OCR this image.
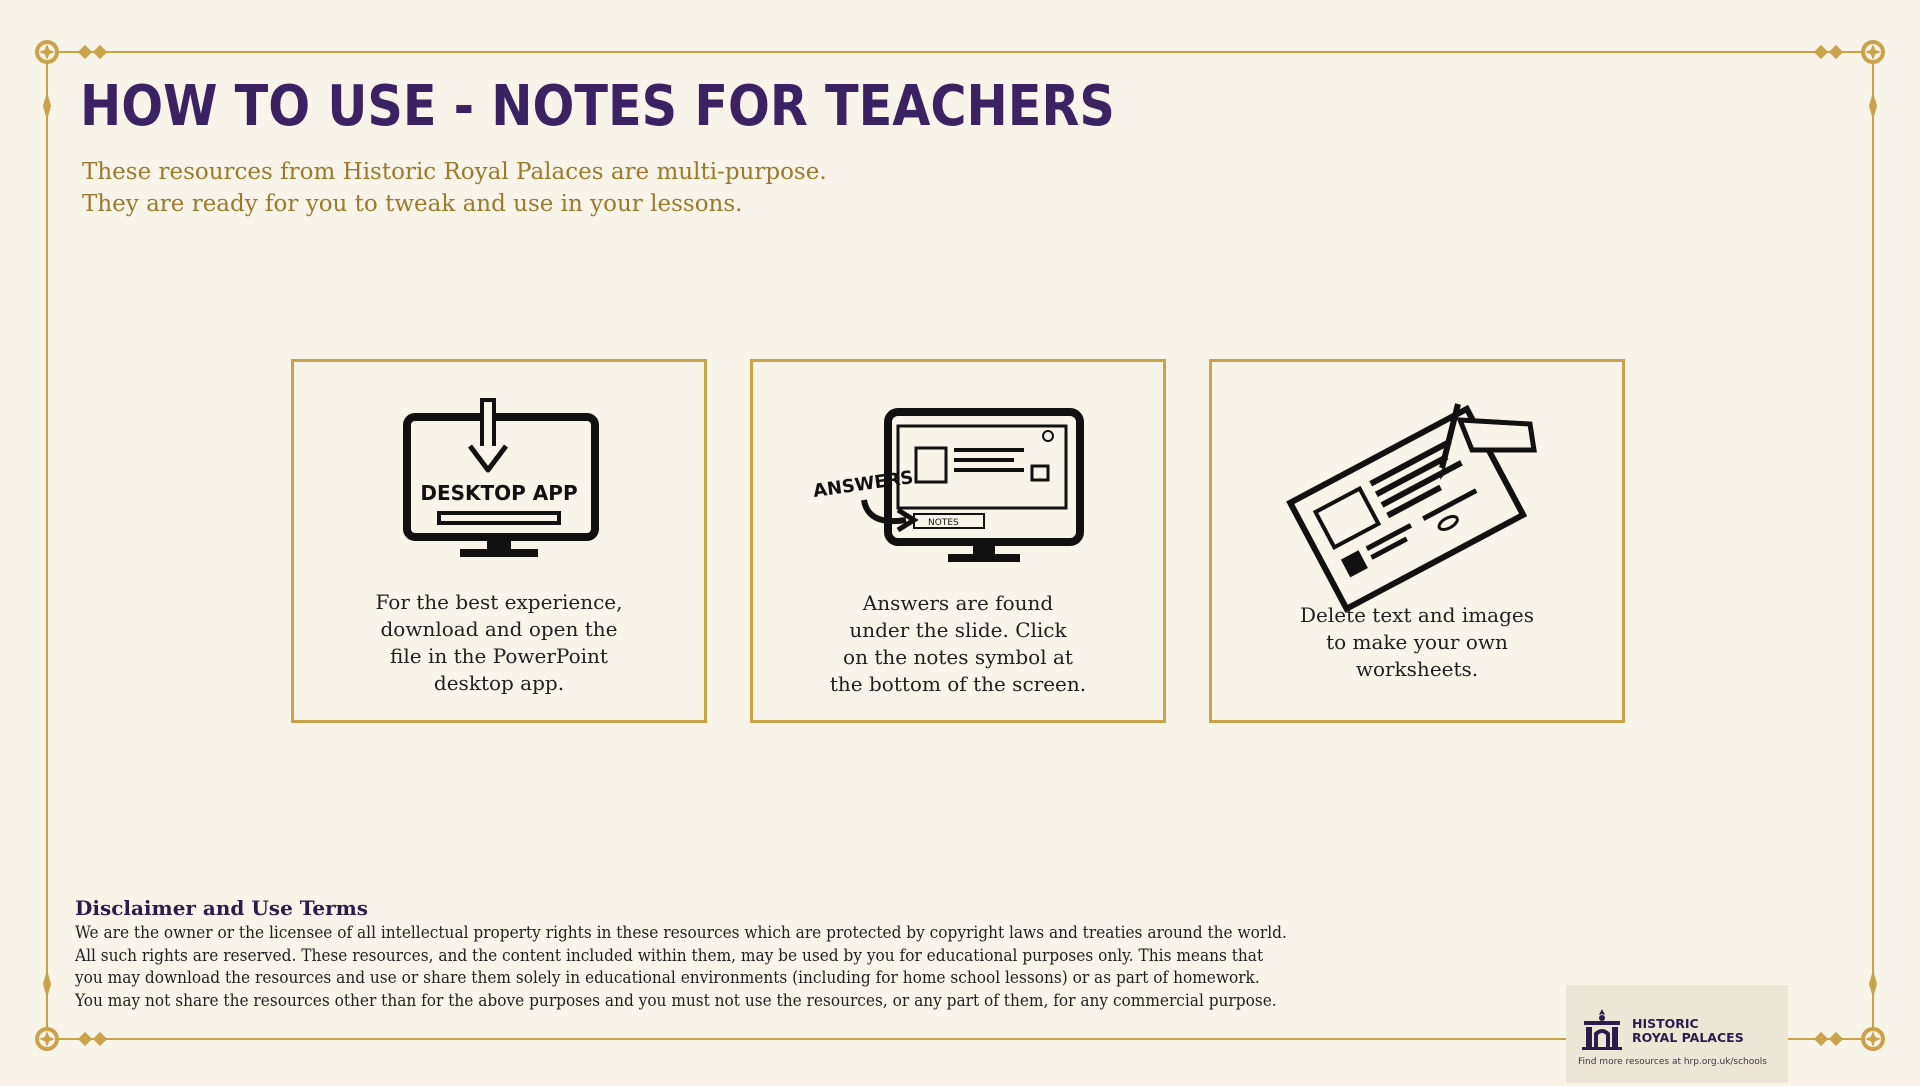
HOW TO USE - NOTES FOR TEACHERS
These resources from Historic Royal Palaces are multi-purpose.
They are ready for you to tweak and use in your lessons.
DESKTOP APP
For the best experience,
download and open the
file in the PowerPoint
desktop app.
ANSWERS
NOTES
Answers are found
under the slide. Click
on the notes symbol at
the bottom of the screen.
Delete text and images
to make your own
worksheets.
Disclaimer and Use Terms
We are the owner or the licensee of all intellectual property rights in these resources which are protected by copyright laws and treaties around the world.
All such rights are reserved. These resources, and the content included within them, may be used by you for educational purposes only. This means that
you may download the resources and use or share them solely in educational environments (including for home school lessons) or as part of homework.
You may not share the resources other than for the above purposes and you must not use the resources, or any part of them, for any commercial purpose.
HISTORIC
ROYAL PALACES
Find more resources at hrp.org.uk/schools
